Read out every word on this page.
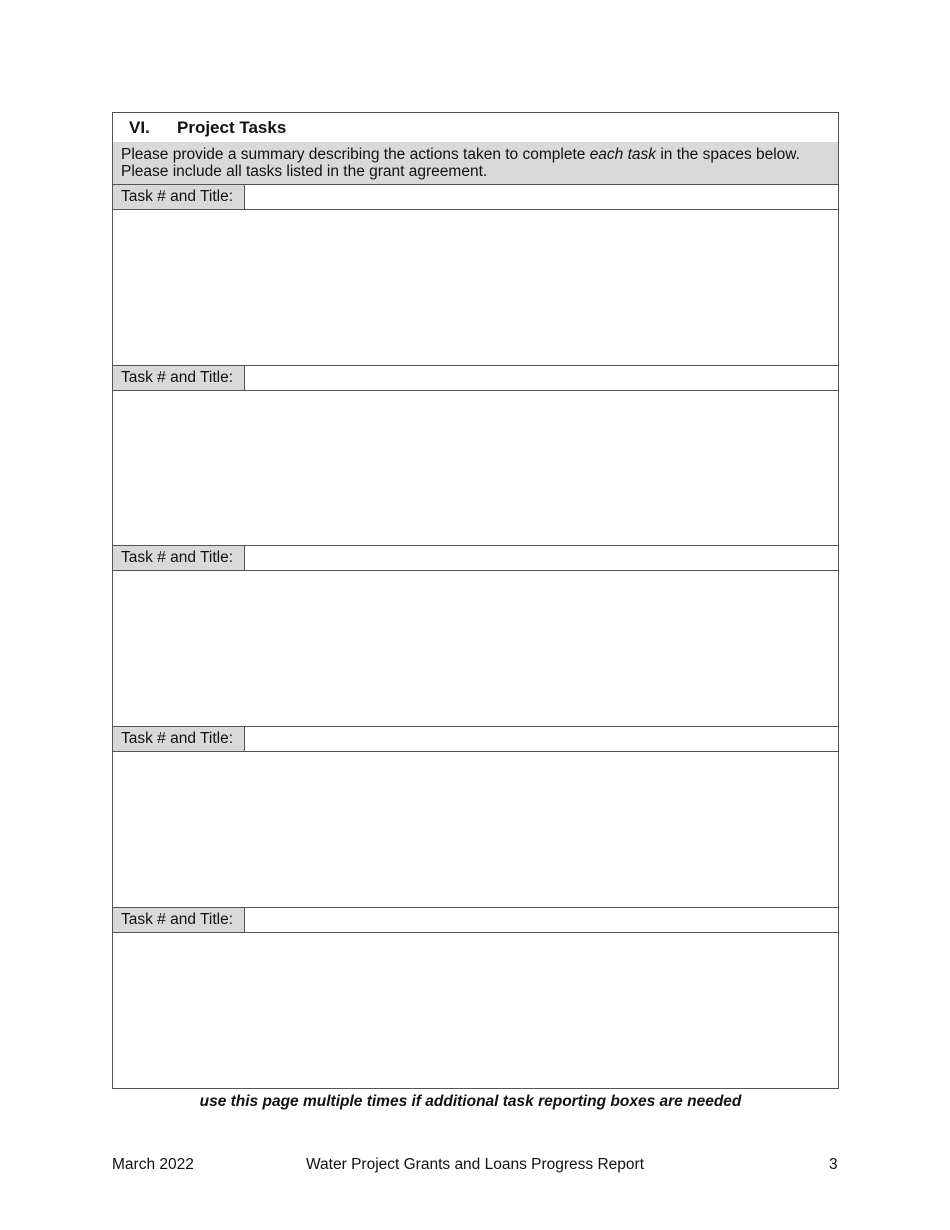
VI. Project Tasks
Please provide a summary describing the actions taken to complete each task in the spaces below. Please include all tasks listed in the grant agreement.
Task # and Title:
Task # and Title:
Task # and Title:
Task # and Title:
Task # and Title:
use this page multiple times if additional task reporting boxes are needed
March 2022	Water Project Grants and Loans Progress Report	3
